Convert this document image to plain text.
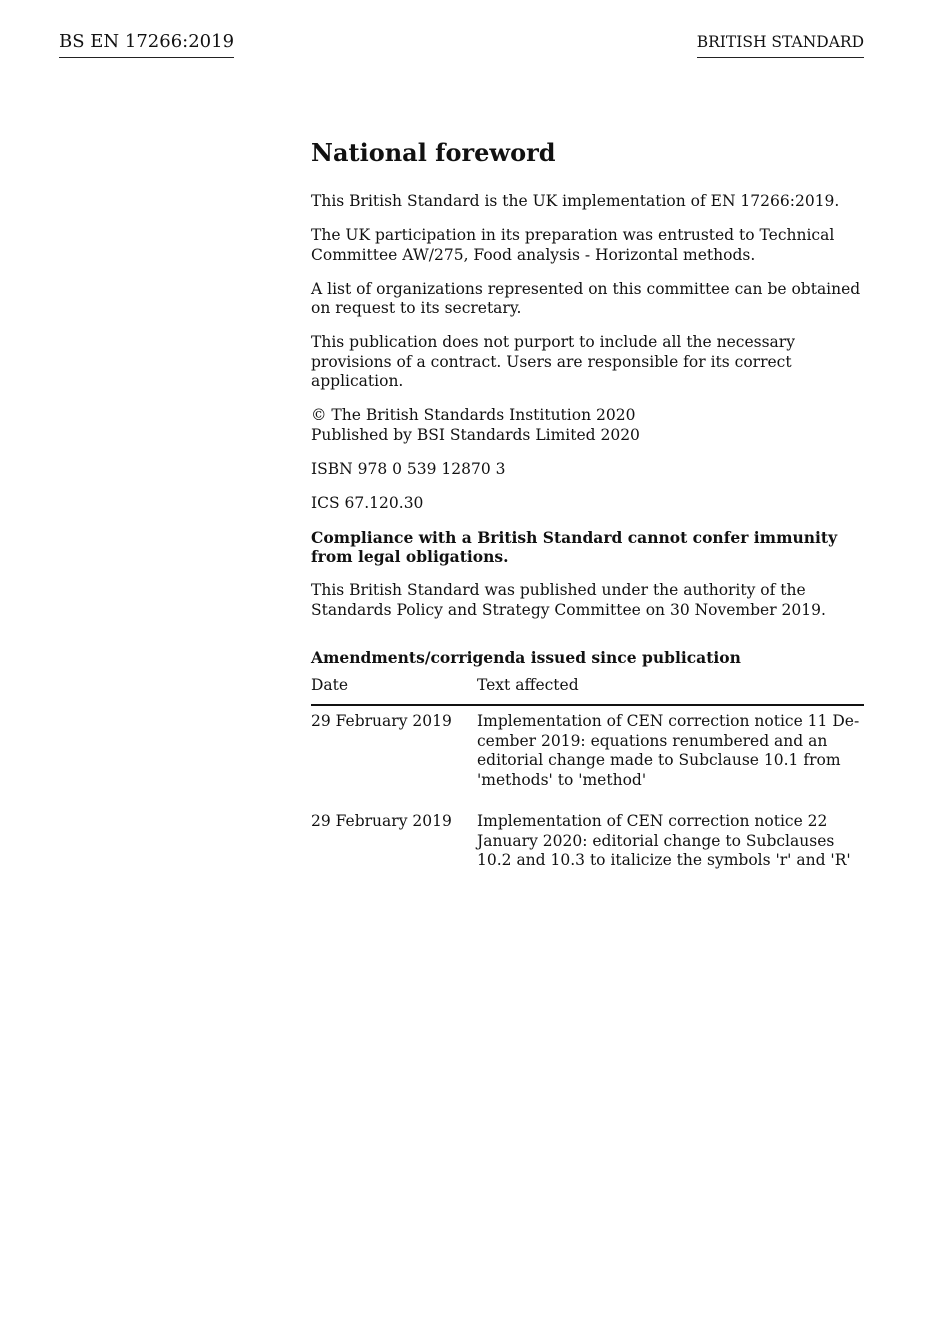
BS EN 17266:2019	BRITISH STANDARD
National foreword

This British Standard is the UK implementation of EN 17266:2019.

The UK participation in its preparation was entrusted to Technical Committee AW/275, Food analysis - Horizontal methods.

A list of organizations represented on this committee can be obtained on request to its secretary.

This publication does not purport to include all the necessary provisions of a contract. Users are responsible for its correct application.

© The British Standards Institution 2020
Published by BSI Standards Limited 2020

ISBN 978 0 539 12870 3

ICS 67.120.30

Compliance with a British Standard cannot confer immunity from legal obligations.

This British Standard was published under the authority of the Standards Policy and Strategy Committee on 30 November 2019.

Amendments/corrigenda issued since publication
Date	Text affected
29 February 2019	Implementation of CEN correction notice 11 December 2019: equations renumbered and an editorial change made to Subclause 10.1 from 'methods' to 'method'
29 February 2019	Implementation of CEN correction notice 22 January 2020: editorial change to Subclauses 10.2 and 10.3 to italicize the symbols 'r' and 'R'
